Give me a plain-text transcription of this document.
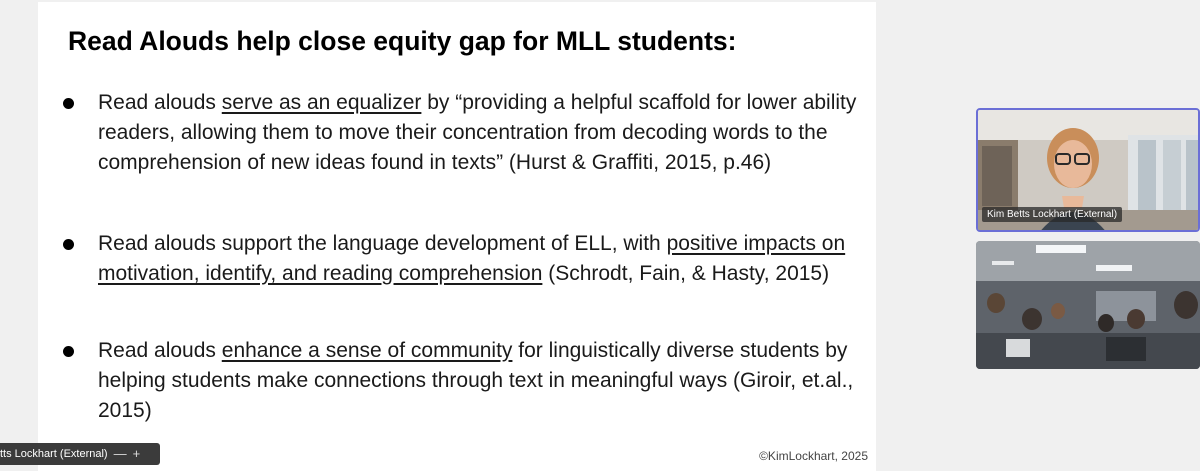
Read Alouds help close equity gap for MLL students:
Read alouds serve as an equalizer by “providing a helpful scaffold for lower ability readers, allowing them to move their concentration from decoding words to the comprehension of new ideas found in texts” (Hurst & Graffiti, 2015, p.46)
Read alouds support the language development of ELL, with positive impacts on motivation, identify, and reading comprehension (Schrodt, Fain, & Hasty, 2015)
Read alouds enhance a sense of community for linguistically diverse students by helping students make connections through text in meaningful ways (Giroir, et.al., 2015)
©KimLockhart, 2025
tts Lockhart (External) — +
Kim Betts Lockhart (External)
